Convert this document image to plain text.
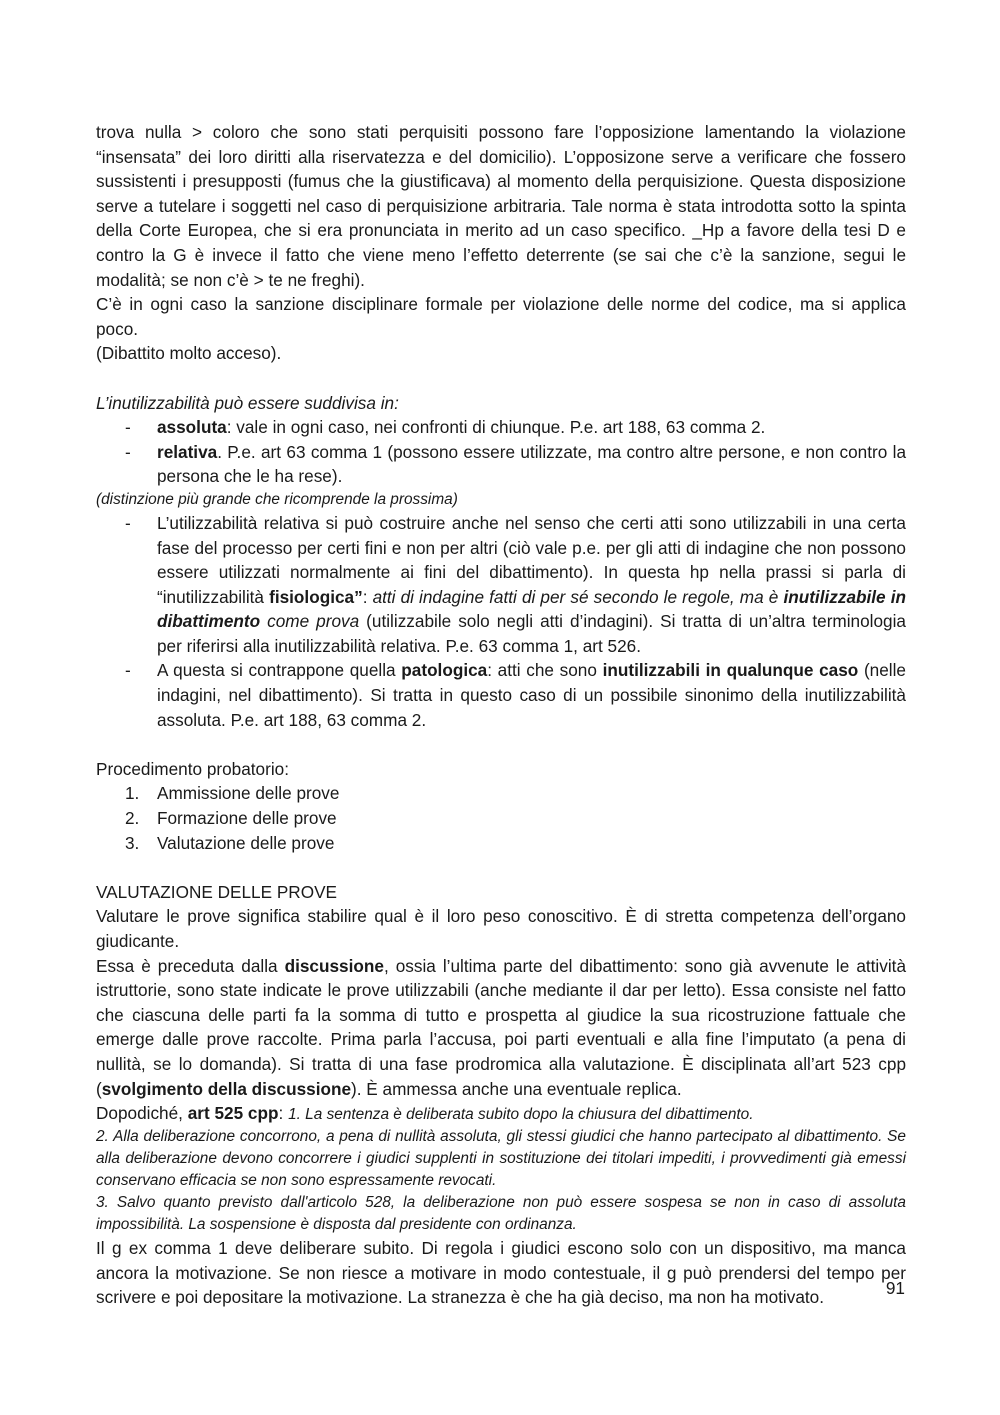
trova nulla > coloro che sono stati perquisiti possono fare l’opposizione lamentando la violazione “insensata” dei loro diritti alla riservatezza e del domicilio). L’opposizone serve a verificare che fossero sussistenti i presupposti (fumus che la giustificava) al momento della perquisizione. Questa disposizione serve a tutelare i soggetti nel caso di perquisizione arbitraria. Tale norma è stata introdotta sotto la spinta della Corte Europea, che si era pronunciata in merito ad un caso specifico. _Hp a favore della tesi D e contro la G è invece il fatto che viene meno l’effetto deterrente (se sai che c’è la sanzione, segui le modalità; se non c’è > te ne freghi).

C’è in ogni caso la sanzione disciplinare formale per violazione delle norme del codice, ma si applica poco.

(Dibattito molto acceso).

L’inutilizzabilità può essere suddivisa in:

- assoluta: vale in ogni caso, nei confronti di chiunque. P.e. art 188, 63 comma 2.
- relativa. P.e. art 63 comma 1 (possono essere utilizzate, ma contro altre persone, e non contro la persona che le ha rese).

(distinzione più grande che ricomprende la prossima)

- L’utilizzabilità relativa si può costruire anche nel senso che certi atti sono utilizzabili in una certa fase del processo per certi fini e non per altri (ciò vale p.e. per gli atti di indagine che non possono essere utilizzati normalmente ai fini del dibattimento). In questa hp nella prassi si parla di “inutilizzabilità fisiologica”: atti di indagine fatti di per sé secondo le regole, ma è inutilizzabile in dibattimento come prova (utilizzabile solo negli atti d’indagini). Si tratta di un’altra terminologia per riferirsi alla inutilizzabilità relativa. P.e. 63 comma 1, art 526.
- A questa si contrappone quella patologica: atti che sono inutilizzabili in qualunque caso (nelle indagini, nel dibattimento). Si tratta in questo caso di un possibile sinonimo della inutilizzabilità assoluta. P.e. art 188, 63 comma 2.

Procedimento probatorio:

1. Ammissione delle prove
2. Formazione delle prove
3. Valutazione delle prove

VALUTAZIONE DELLE PROVE

Valutare le prove significa stabilire qual è il loro peso conoscitivo. È di stretta competenza dell’organo giudicante.

Essa è preceduta dalla discussione, ossia l’ultima parte del dibattimento: sono già avvenute le attività istruttorie, sono state indicate le prove utilizzabili (anche mediante il dar per letto). Essa consiste nel fatto che ciascuna delle parti fa la somma di tutto e prospetta al giudice la sua ricostruzione fattuale che emerge dalle prove raccolte. Prima parla l’accusa, poi parti eventuali e alla fine l’imputato (a pena di nullità, se lo domanda). Si tratta di una fase prodromica alla valutazione. È disciplinata all’art 523 cpp (svolgimento della discussione). È ammessa anche una eventuale replica.

Dopodiché, art 525 cpp: 1. La sentenza è deliberata subito dopo la chiusura del dibattimento.

2. Alla deliberazione concorrono, a pena di nullità assoluta, gli stessi giudici che hanno partecipato al dibattimento. Se alla deliberazione devono concorrere i giudici supplenti in sostituzione dei titolari impediti, i provvedimenti già emessi conservano efficacia se non sono espressamente revocati.

3. Salvo quanto previsto dall'articolo 528, la deliberazione non può essere sospesa se non in caso di assoluta impossibilità. La sospensione è disposta dal presidente con ordinanza.

Il g ex comma 1 deve deliberare subito. Di regola i giudici escono solo con un dispositivo, ma manca ancora la motivazione. Se non riesce a motivare in modo contestuale, il g può prendersi del tempo per scrivere e poi depositare la motivazione. La stranezza è che ha già deciso, ma non ha motivato.	91
